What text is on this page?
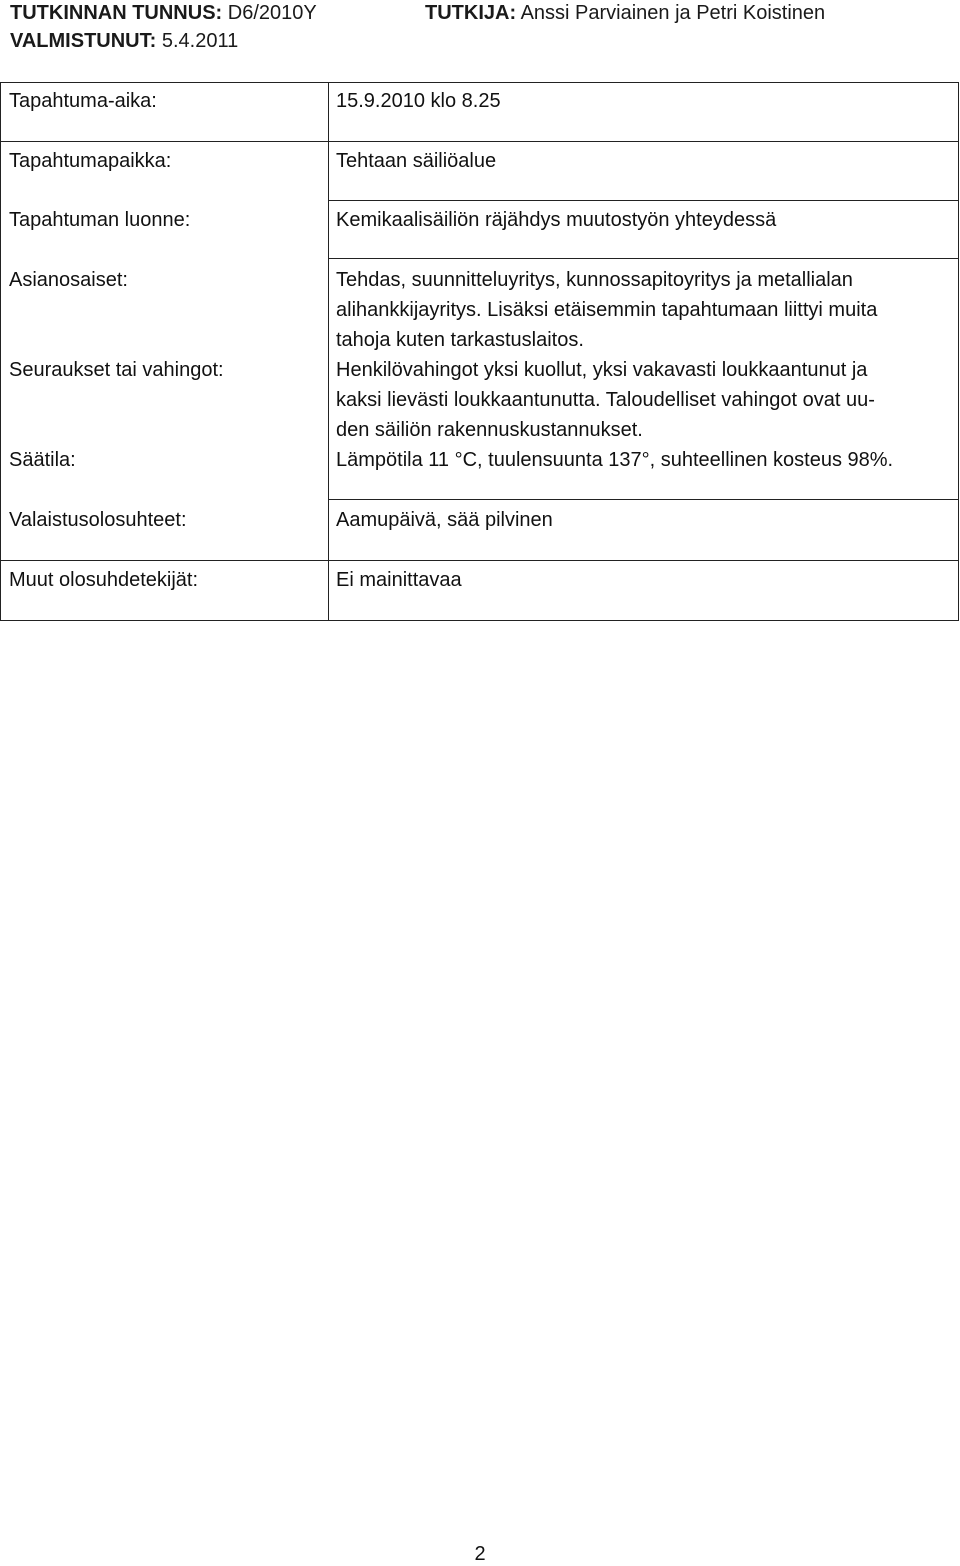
TUTKINNAN TUNNUS: D6/2010Y
VALMISTUNUT: 5.4.2011
TUTKIJA: Anssi Parviainen ja Petri Koistinen
Tapahtuma-aika:	15.9.2010 klo 8.25
Tapahtumapaikka:	Tehtaan säiliöalue
Tapahtuman luonne:	Kemikaalisäiliön räjähdys muutostyön yhteydessä
Asianosaiset:	Tehdas, suunnitteluyritys, kunnossapitoyritys ja metallialan
alihankkijayritys. Lisäksi etäisemmin tapahtumaan liittyi muita
tahoja kuten tarkastuslaitos.
Seuraukset tai vahingot:	Henkilövahingot yksi kuollut, yksi vakavasti loukkaantunut ja
kaksi lievästi loukkaantunutta. Taloudelliset vahingot ovat uu-
den säiliön rakennuskustannukset.
Säätila:	Lämpötila 11 °C, tuulensuunta 137°, suhteellinen kosteus 98%.
Valaistusolosuhteet:	Aamupäivä, sää pilvinen
Muut olosuhdetekijät:	Ei mainittavaa
2
